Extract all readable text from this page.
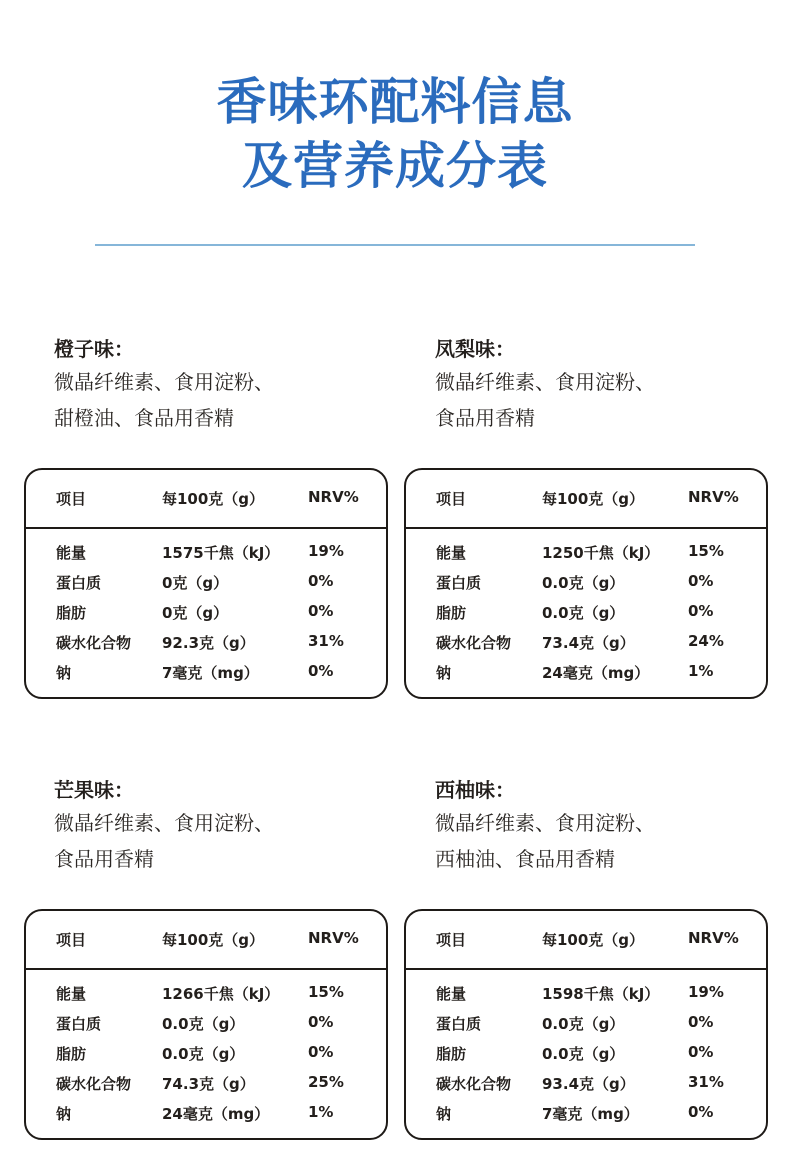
香味环配料信息
及营养成分表
橙子味：
微晶纤维素、食用淀粉、
甜橙油、食品用香精
项目	每100克（g）	NRV%
能量	1575千焦（kJ） 19%
蛋白质	0克（g）	0%
脂肪	0克（g）	0%
碳水化合物 92.3克（g）	31%
钠	7毫克（mg）	0%
凤梨味：
微晶纤维素、食用淀粉、
食品用香精
项目	每100克（g）	NRV%
能量	1250千焦（kJ） 15%
蛋白质	0.0克（g）	0%
脂肪	0.0克（g）	0%
碳水化合物 73.4克（g）	24%
钠	24毫克（mg）	1%
芒果味：
微晶纤维素、食用淀粉、
食品用香精
项目	每100克（g）	NRV%
能量	1266千焦（kJ） 15%
蛋白质	0.0克（g）	0%
脂肪	0.0克（g）	0%
碳水化合物 74.3克（g）	25%
钠	24毫克（mg）	1%
西柚味：
微晶纤维素、食用淀粉、
西柚油、食品用香精
项目	每100克（g）	NRV%
能量	1598千焦（kJ） 19%
蛋白质	0.0克（g）	0%
脂肪	0.0克（g）	0%
碳水化合物 93.4克（g）	31%
钠	7毫克（mg）	0%
